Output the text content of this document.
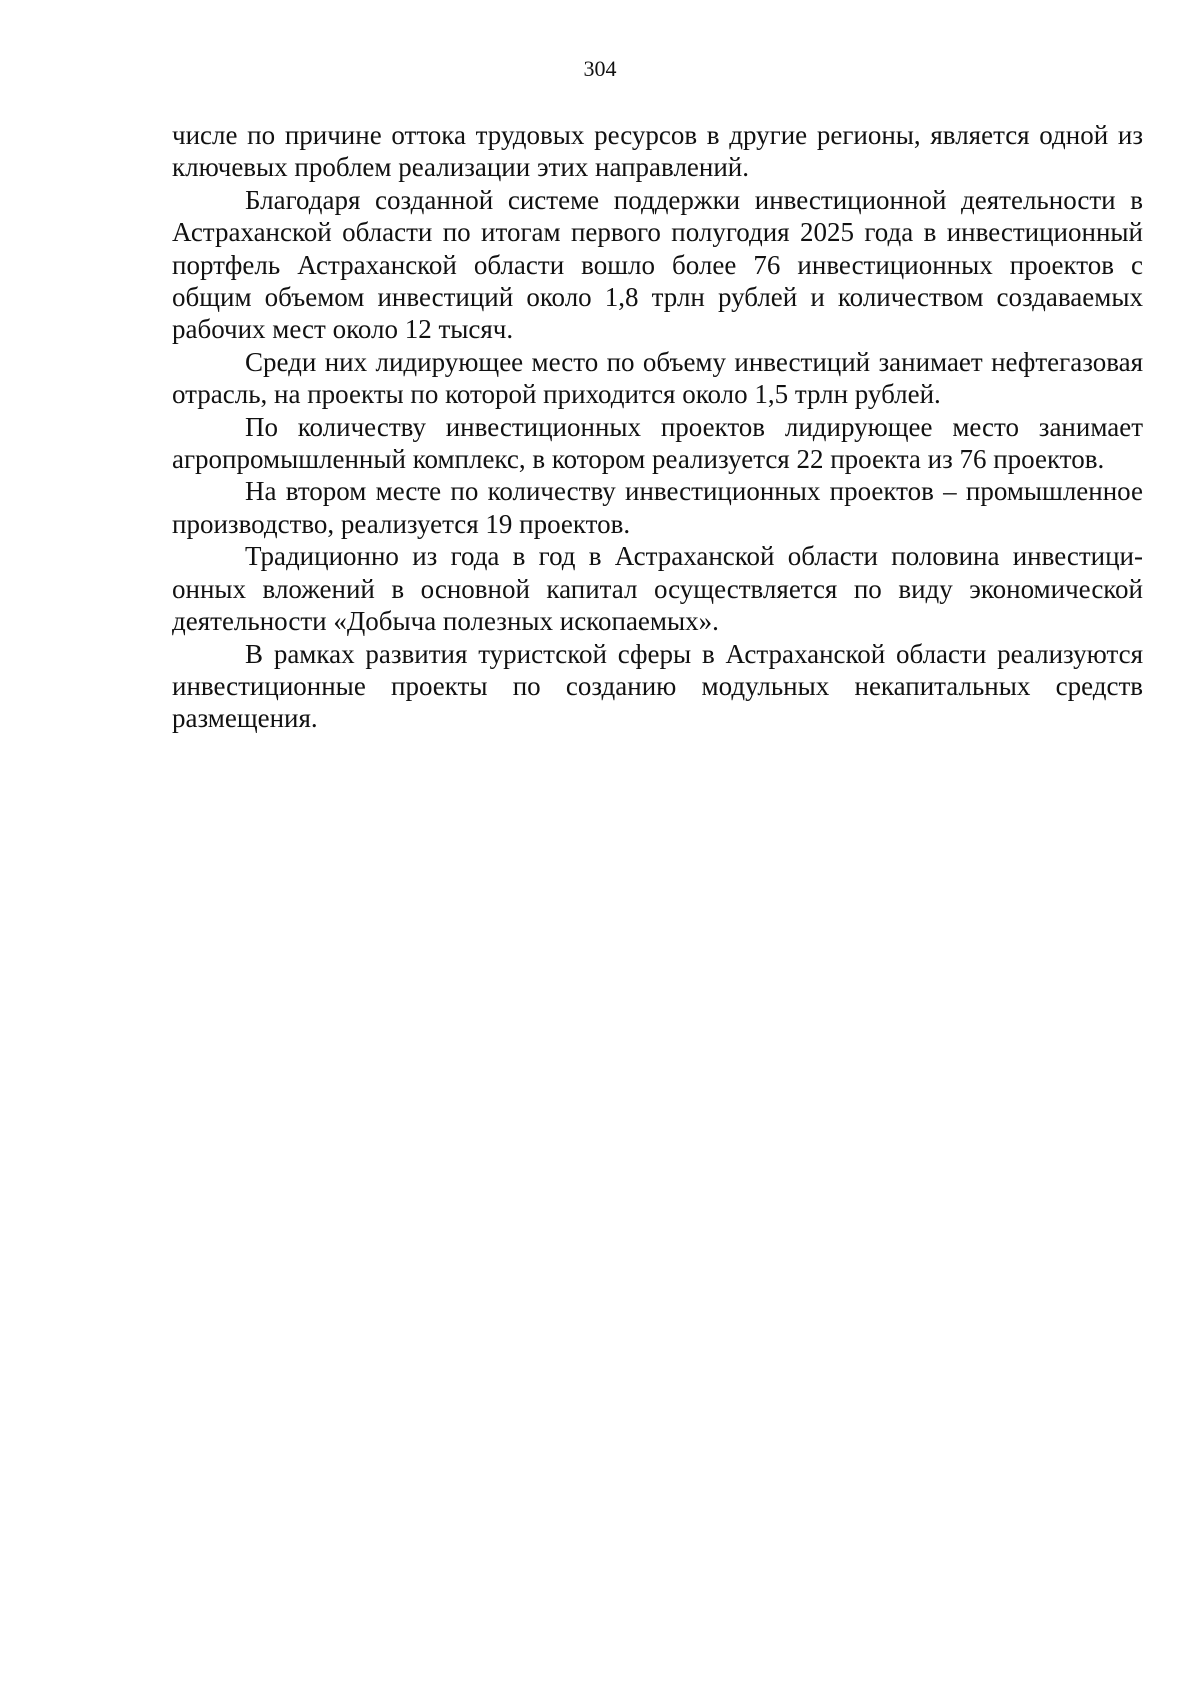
304

числе по причине оттока трудовых ресурсов в другие регионы, является одной из ключевых проблем реализации этих направлений.

Благодаря созданной системе поддержки инвестиционной деятельности в Астраханской области по итогам первого полугодия 2025 года в инвестиционный портфель Астраханской области вошло более 76 инвестиционных проектов с общим объемом инвестиций около 1,8 трлн рублей и количеством создаваемых рабочих мест около 12 тысяч.

Среди них лидирующее место по объему инвестиций занимает нефтегазовая отрасль, на проекты по которой приходится около 1,5 трлн рублей.

По количеству инвестиционных проектов лидирующее место занимает агропромышленный комплекс, в котором реализуется 22 проекта из 76 проектов.

На втором месте по количеству инвестиционных проектов – промышленное производство, реализуется 19 проектов.

Традиционно из года в год в Астраханской области половина инвестиционных вложений в основной капитал осуществляется по виду экономической деятельности «Добыча полезных ископаемых».

В рамках развития туристской сферы в Астраханской области реализуются инвестиционные проекты по созданию модульных некапитальных средств размещения.
